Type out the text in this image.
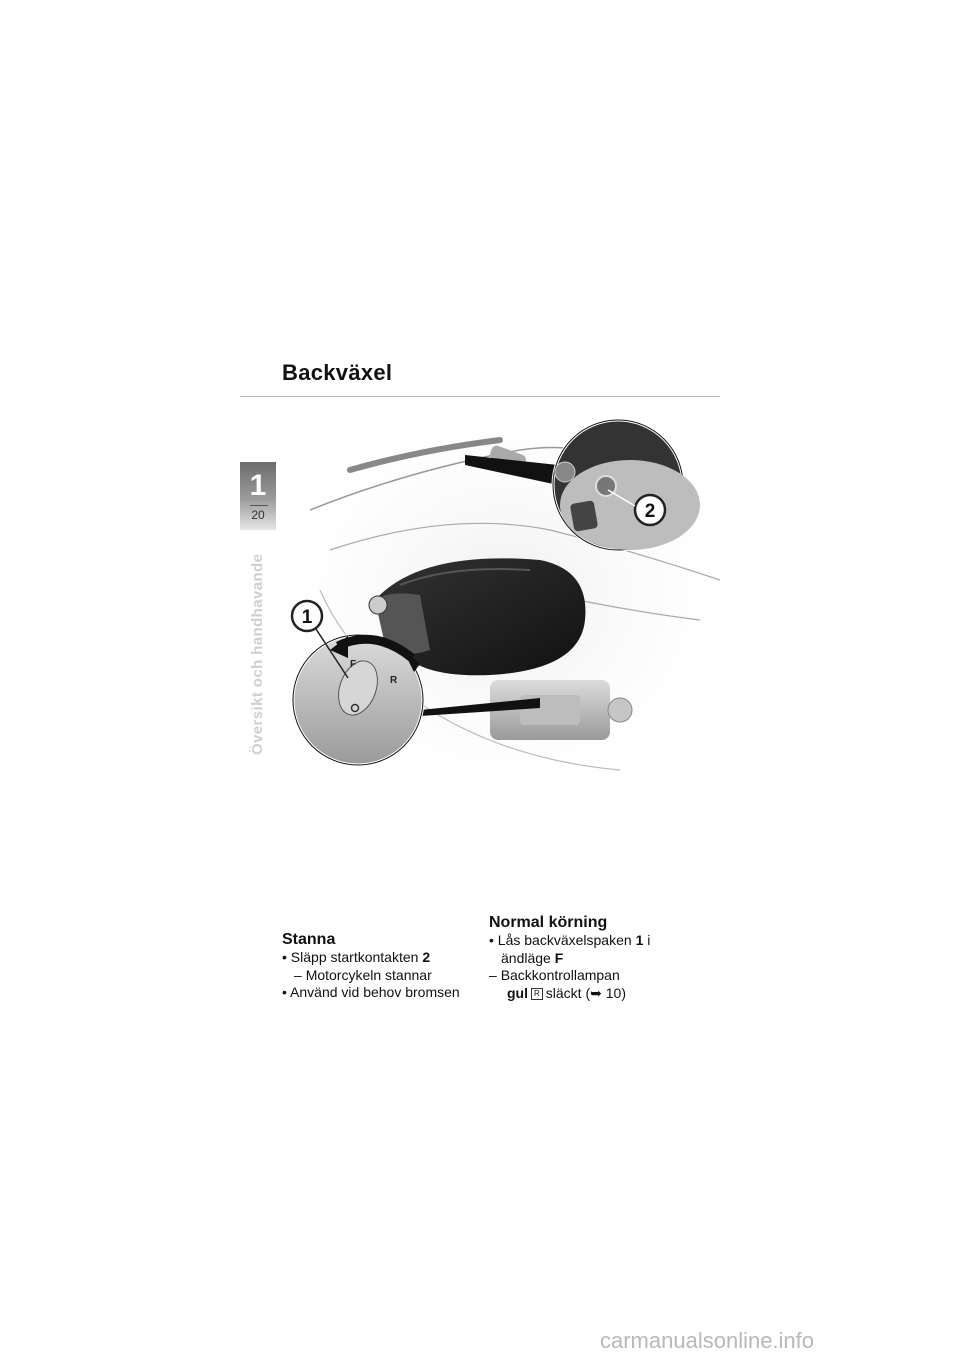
Backväxel
1
20
Översikt och handhavande
2
F
R
1
Stanna
• Släpp startkontakten 2
– Motorcykeln stannar
• Använd vid behov bromsen
Normal körning
• Lås backväxelspaken 1 i
ändläge F
– Backkontrollampan
gul R släckt (➥ 10)
carmanualsonline.info
